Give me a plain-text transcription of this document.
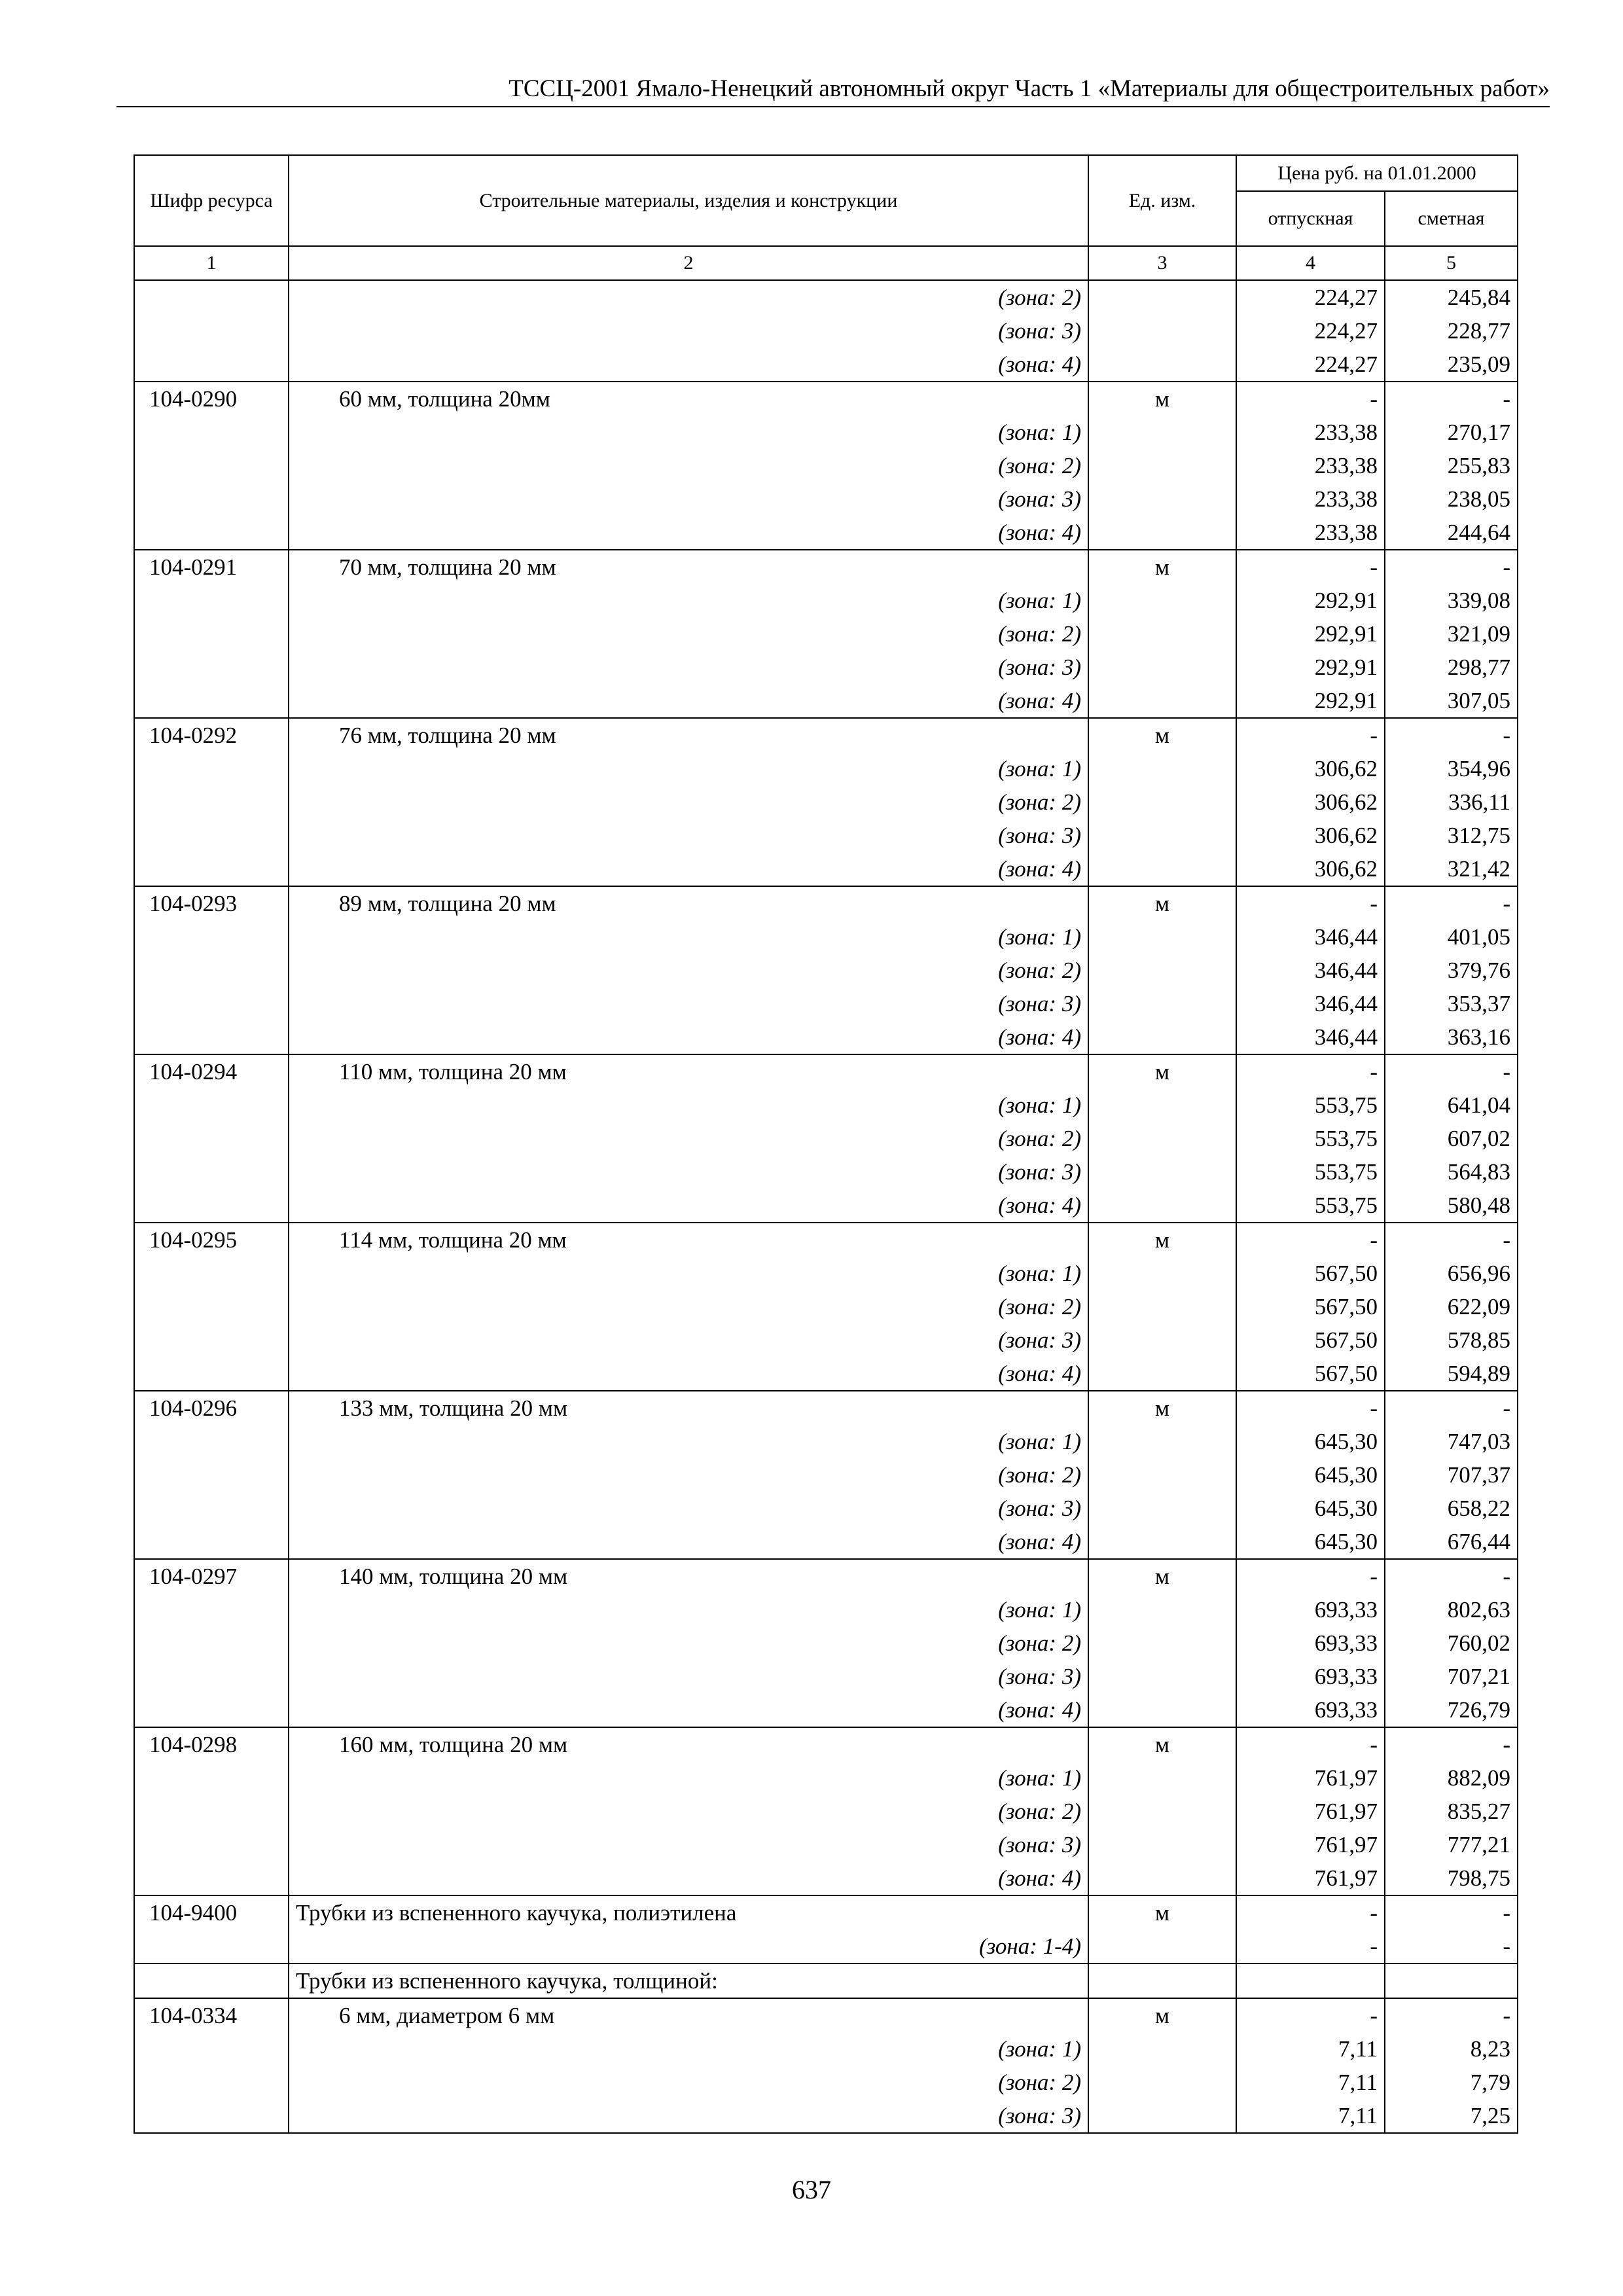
ТССЦ-2001 Ямало-Ненецкий автономный округ Часть 1 «Материалы для общестроительных работ»
Шифр ресурса	Строительные материалы, изделия и конструкции	Ед. изм.	Цена руб. на 01.01.2000	
			отпускная	сметная
1	2	3	4	5
	(зона: 2)		224,27	245,84
	(зона: 3)		224,27	228,77
	(зона: 4)		224,27	235,09
104-0290	60 мм, толщина 20мм	м	-	-
	(зона: 1)		233,38	270,17
	(зона: 2)		233,38	255,83
	(зона: 3)		233,38	238,05
	(зона: 4)		233,38	244,64
104-0291	70 мм, толщина 20 мм	м	-	-
	(зона: 1)		292,91	339,08
	(зона: 2)		292,91	321,09
	(зона: 3)		292,91	298,77
	(зона: 4)		292,91	307,05
104-0292	76 мм, толщина 20 мм	м	-	-
	(зона: 1)		306,62	354,96
	(зона: 2)		306,62	336,11
	(зона: 3)		306,62	312,75
	(зона: 4)		306,62	321,42
104-0293	89 мм, толщина 20 мм	м	-	-
	(зона: 1)		346,44	401,05
	(зона: 2)		346,44	379,76
	(зона: 3)		346,44	353,37
	(зона: 4)		346,44	363,16
104-0294	110 мм, толщина 20 мм	м	-	-
	(зона: 1)		553,75	641,04
	(зона: 2)		553,75	607,02
	(зона: 3)		553,75	564,83
	(зона: 4)		553,75	580,48
104-0295	114 мм, толщина 20 мм	м	-	-
	(зона: 1)		567,50	656,96
	(зона: 2)		567,50	622,09
	(зона: 3)		567,50	578,85
	(зона: 4)		567,50	594,89
104-0296	133 мм, толщина 20 мм	м	-	-
	(зона: 1)		645,30	747,03
	(зона: 2)		645,30	707,37
	(зона: 3)		645,30	658,22
	(зона: 4)		645,30	676,44
104-0297	140 мм, толщина 20 мм	м	-	-
	(зона: 1)		693,33	802,63
	(зона: 2)		693,33	760,02
	(зона: 3)		693,33	707,21
	(зона: 4)		693,33	726,79
104-0298	160 мм, толщина 20 мм	м	-	-
	(зона: 1)		761,97	882,09
	(зона: 2)		761,97	835,27
	(зона: 3)		761,97	777,21
	(зона: 4)		761,97	798,75
104-9400	Трубки из вспененного каучука, полиэтилена	м	-	-
	(зона: 1-4)		-	-
	Трубки из вспененного каучука, толщиной:			
104-0334	6 мм, диаметром 6 мм	м	-	-
	(зона: 1)		7,11	8,23
	(зона: 2)		7,11	7,79
	(зона: 3)		7,11	7,25
637
